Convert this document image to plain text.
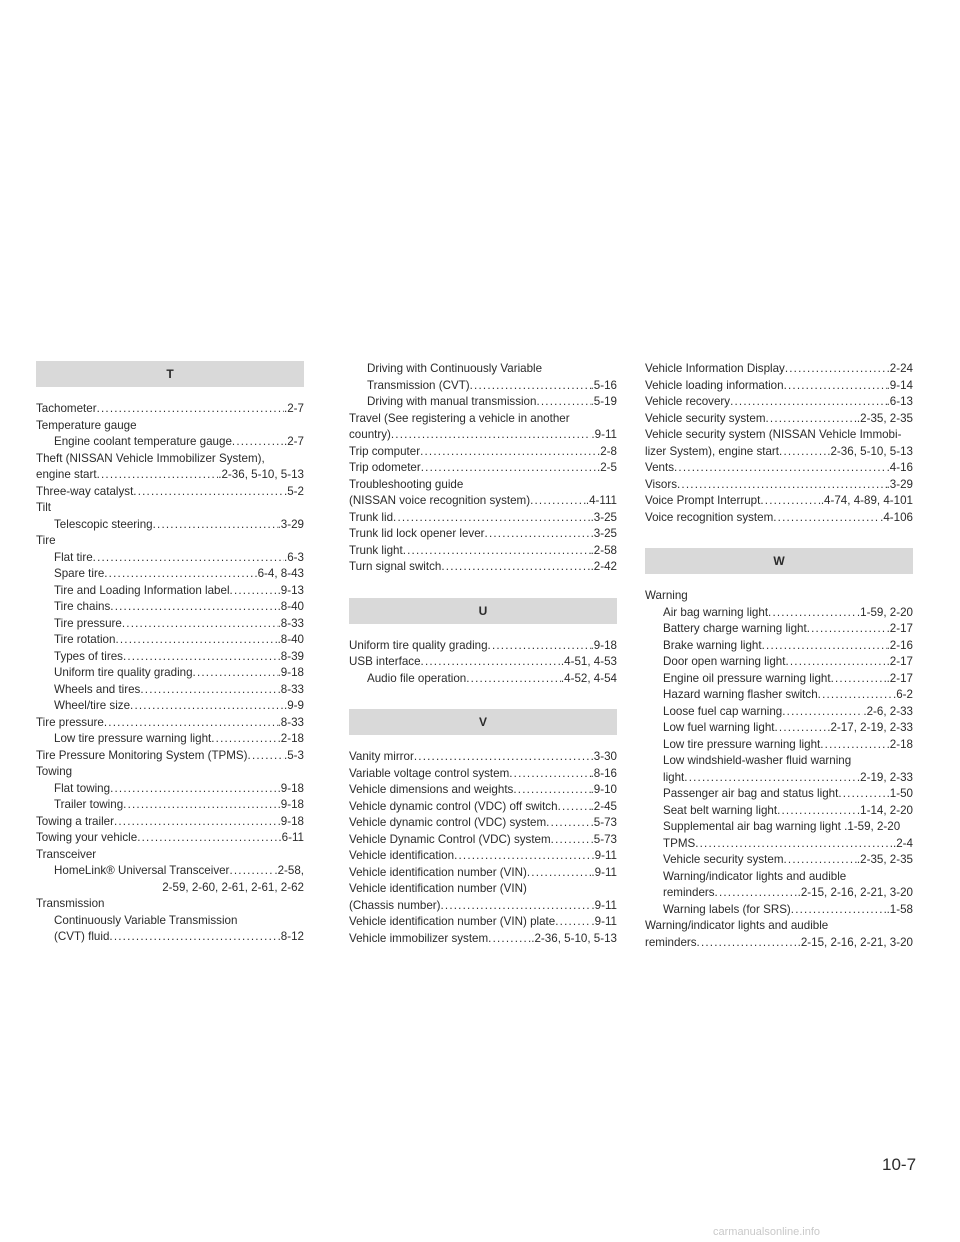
T
Tachometer .....	.2-7
Temperature gauge
Engine coolant temperature gauge .....	.2-7
Theft (NISSAN Vehicle Immobilizer System),
engine start .....	.2-36, 5-10, 5-13
Three-way catalyst .....	.5-2
Tilt
Telescopic steering .....	.3-29
Tire
Flat tire .....	.6-3
Spare tire .....	.6-4, 8-43
Tire and Loading Information label .....	.9-13
Tire chains .....	.8-40
Tire pressure .....	.8-33
Tire rotation .....	.8-40
Types of tires .....	.8-39
Uniform tire quality grading .....	.9-18
Wheels and tires .....	.8-33
Wheel/tire size .....	.9-9
Tire pressure .....	.8-33
Low tire pressure warning light .....	.2-18
Tire Pressure Monitoring System (TPMS) .....	.5-3
Towing
Flat towing .....	.9-18
Trailer towing .....	.9-18
Towing a trailer .....	.9-18
Towing your vehicle .....	.6-11
Transceiver
HomeLink® Universal Transceiver .....	.2-58,
2-59, 2-60, 2-61, 2-61, 2-62
Transmission
Continuously Variable Transmission
(CVT) fluid .....	.8-12
Driving with Continuously Variable
Transmission (CVT) .....	.5-16
Driving with manual transmission .....	.5-19
Travel (See registering a vehicle in another
country) .....	.9-11
Trip computer .....	.2-8
Trip odometer .....	.2-5
Troubleshooting guide
(NISSAN voice recognition system) .....	.4-111
Trunk lid .....	.3-25
Trunk lid lock opener lever .....	.3-25
Trunk light .....	.2-58
Turn signal switch .....	.2-42
U
Uniform tire quality grading .....	.9-18
USB interface .....	.4-51, 4-53
Audio file operation .....	.4-52, 4-54
V
Vanity mirror .....	.3-30
Variable voltage control system .....	.8-16
Vehicle dimensions and weights .....	.9-10
Vehicle dynamic control (VDC) off switch .....	.2-45
Vehicle dynamic control (VDC) system .....	.5-73
Vehicle Dynamic Control (VDC) system .....	.5-73
Vehicle identification .....	.9-11
Vehicle identification number (VIN) .....	.9-11
Vehicle identification number (VIN)
(Chassis number) .....	.9-11
Vehicle identification number (VIN) plate .....	.9-11
Vehicle immobilizer system .....	.2-36, 5-10, 5-13
Vehicle Information Display .....	.2-24
Vehicle loading information .....	.9-14
Vehicle recovery .....	.6-13
Vehicle security system .....	.2-35, 2-35
Vehicle security system (NISSAN Vehicle Immobi-
lizer System), engine start .....	.2-36, 5-10, 5-13
Vents .....	.4-16
Visors .....	.3-29
Voice Prompt Interrupt .....	.4-74, 4-89, 4-101
Voice recognition system .....	.4-106
W
Warning
Air bag warning light .....	.1-59, 2-20
Battery charge warning light .....	.2-17
Brake warning light .....	.2-16
Door open warning light .....	.2-17
Engine oil pressure warning light .....	.2-17
Hazard warning flasher switch .....	.6-2
Loose fuel cap warning .....	.2-6, 2-33
Low fuel warning light .....	.2-17, 2-19, 2-33
Low tire pressure warning light .....	.2-18
Low windshield-washer fluid warning
light .....	.2-19, 2-33
Passenger air bag and status light .....	.1-50
Seat belt warning light .....	.1-14, 2-20
Supplemental air bag warning light .1-59, 2-20
TPMS .....	.2-4
Vehicle security system .....	.2-35, 2-35
Warning/indicator lights and audible
reminders .....	.2-15, 2-16, 2-21, 3-20
Warning labels (for SRS) .....	.1-58
Warning/indicator lights and audible
reminders .....	.2-15, 2-16, 2-21, 3-20
10-7
carmanualsonline.info
